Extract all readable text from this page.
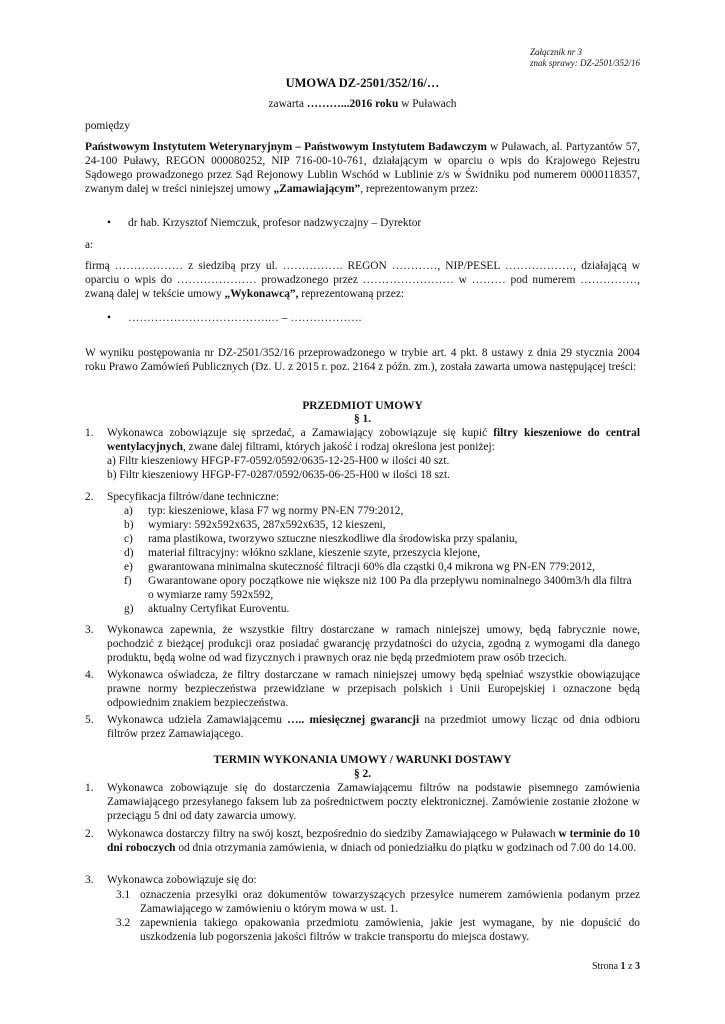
Załącznik nr 3
znak sprawy: DZ-2501/352/16
UMOWA DZ-2501/352/16/…
zawarta ………...2016 roku w Puławach
pomiędzy
Państwowym Instytutem Weterynaryjnym – Państwowym Instytutem Badawczym w Puławach, al. Partyzantów 57, 24-100 Puławy, REGON 000080252, NIP 716-00-10-761, działającym w oparciu o wpis do Krajowego Rejestru Sądowego prowadzonego przez Sąd Rejonowy Lublin Wschód w Lublinie z/s w Świdniku pod numerem 0000118357, zwanym dalej w treści niniejszej umowy „Zamawiającym”, reprezentowanym przez:
• dr hab. Krzysztof Niemczuk, profesor nadzwyczajny – Dyrektor
a:
firmą ……………… z siedzibą przy ul. ……………. REGON …………, NIP/PESEL ………………, działającą w oparciu o wpis do ………………… prowadzonego przez …………………… w ……… pod numerem ……………, zwaną dalej w tekście umowy „Wykonawcą”, reprezentowaną przez:
• ……………………………….… – ……………….
W wyniku postępowania nr DZ-2501/352/16 przeprowadzonego w trybie art. 4 pkt. 8 ustawy z dnia 29 stycznia 2004 roku Prawo Zamówień Publicznych (Dz. U. z 2015 r. poz. 2164 z późn. zm.), została zawarta umowa następującej treści:
PRZEDMIOT UMOWY
§ 1.
1. Wykonawca zobowiązuje się sprzedać, a Zamawiający zobowiązuje się kupić filtry kieszeniowe do central wentylacyjnych, zwane dalej filtrami, których jakość i rodzaj określona jest poniżej:
a) Filtr kieszeniowy HFGP-F7-0592/0592/0635-12-25-H00 w ilości 40 szt.
b) Filtr kieszeniowy HFGP-F7-0287/0592/0635-06-25-H00 w ilości 18 szt.
2. Specyfikacja filtrów/dane techniczne:
a) typ: kieszeniowe, klasa F7 wg normy PN-EN 779:2012,
b) wymiary: 592x592x635, 287x592x635, 12 kieszeni,
c) rama plastikowa, tworzywo sztuczne nieszkodliwe dla środowiska przy spalaniu,
d) materiał filtracyjny: włókno szklane, kieszenie szyte, przeszycia klejone,
e) gwarantowana minimalna skuteczność filtracji 60% dla cząstki 0,4 mikrona wg PN-EN 779:2012,
f) Gwarantowane opory początkowe nie większe niż 100 Pa dla przepływu nominalnego 3400m3/h dla filtra o wymiarze ramy 592x592,
g) aktualny Certyfikat Euroventu.
3. Wykonawca zapewnia, że wszystkie filtry dostarczane w ramach niniejszej umowy, będą fabrycznie nowe, pochodzić z bieżącej produkcji oraz posiadać gwarancję przydatności do użycia, zgodną z wymogami dla danego produktu, będą wolne od wad fizycznych i prawnych oraz nie będą przedmiotem praw osób trzecich.
4. Wykonawca oświadcza, że filtry dostarczane w ramach niniejszej umowy będą spełniać wszystkie obowiązujące prawne normy bezpieczeństwa przewidziane w przepisach polskich i Unii Europejskiej i oznaczone będą odpowiednim znakiem bezpieczeństwa.
5. Wykonawca udziela Zamawiającemu ….. miesięcznej gwarancji na przedmiot umowy licząc od dnia odbioru filtrów przez Zamawiającego.
TERMIN WYKONANIA UMOWY / WARUNKI DOSTAWY
§ 2.
1. Wykonawca zobowiązuje się do dostarczenia Zamawiającemu filtrów na podstawie pisemnego zamówienia Zamawiającego przesyłanego faksem lub za pośrednictwem poczty elektronicznej. Zamówienie zostanie złożone w przeciągu 5 dni od daty zawarcia umowy.
2. Wykonawca dostarczy filtry na swój koszt, bezpośrednio do siedziby Zamawiającego w Puławach w terminie do 10 dni roboczych od dnia otrzymania zamówienia, w dniach od poniedziałku do piątku w godzinach od 7.00 do 14.00.
3. Wykonawca zobowiązuje się do:
3.1 oznaczenia przesyłki oraz dokumentów towarzyszących przesyłce numerem zamówienia podanym przez Zamawiającego w zamówieniu o którym mowa w ust. 1.
3.2 zapewnienia takiego opakowania przedmiotu zamówienia, jakie jest wymagane, by nie dopuścić do uszkodzenia lub pogorszenia jakości filtrów w trakcie transportu do miejsca dostawy.
Strona 1 z 3
